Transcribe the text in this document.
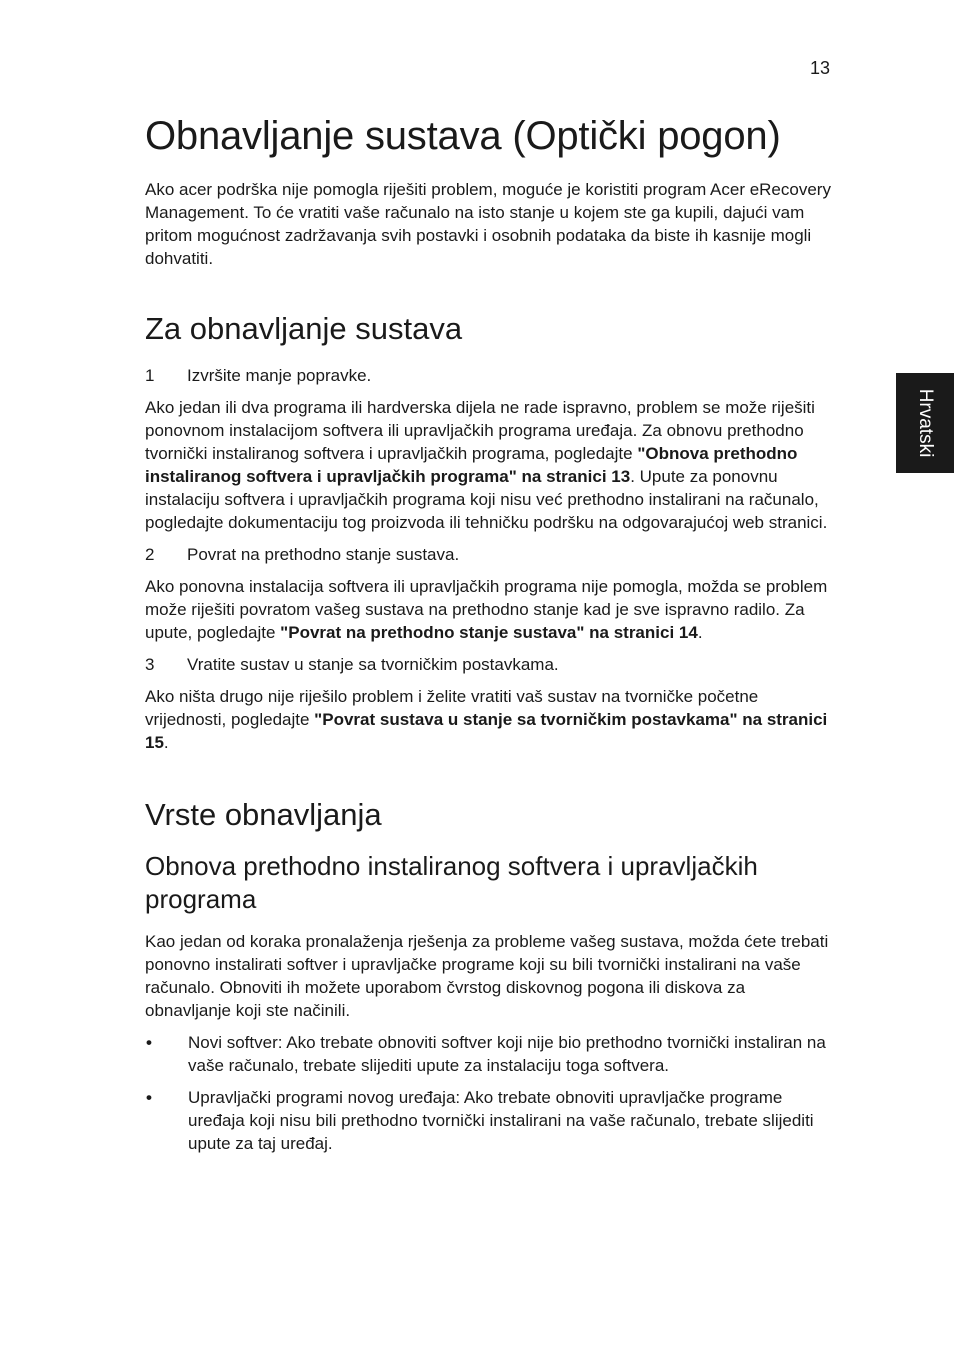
13
Hrvatski
Obnavljanje sustava (Optički pogon)

Ako acer podrška nije pomogla riješiti problem, moguće je koristiti program Acer eRecovery Management. To će vratiti vaše računalo na isto stanje u kojem ste ga kupili, dajući vam pritom mogućnost zadržavanja svih postavki i osobnih podataka da biste ih kasnije mogli dohvatiti.

Za obnavljanje sustava
1	Izvršite manje popravke.

Ako jedan ili dva programa ili hardverska dijela ne rade ispravno, problem se može riješiti ponovnom instalacijom softvera ili upravljačkih programa uređaja. Za obnovu prethodno tvornički instaliranog softvera i upravljačkih programa, pogledajte "Obnova prethodno instaliranog softvera i upravljačkih programa" na stranici 13. Upute za ponovnu instalaciju softvera i upravljačkih programa koji nisu već prethodno instalirani na računalo, pogledajte dokumentaciju tog proizvoda ili tehničku podršku na odgovarajućoj web stranici.

2	Povrat na prethodno stanje sustava.

Ako ponovna instalacija softvera ili upravljačkih programa nije pomogla, možda se problem može riješiti povratom vašeg sustava na prethodno stanje kad je sve ispravno radilo. Za upute, pogledajte "Povrat na prethodno stanje sustava" na stranici 14.

3	Vratite sustav u stanje sa tvorničkim postavkama.

Ako ništa drugo nije riješilo problem i želite vratiti vaš sustav na tvorničke početne vrijednosti, pogledajte "Povrat sustava u stanje sa tvorničkim postavkama" na stranici 15.

Vrste obnavljanja
Obnova prethodno instaliranog softvera i upravljačkih programa

Kao jedan od koraka pronalaženja rješenja za probleme vašeg sustava, možda ćete trebati ponovno instalirati softver i upravljačke programe koji su bili tvornički instalirani na vaše računalo. Obnoviti ih možete uporabom čvrstog diskovnog pogona ili diskova za obnavljanje koji ste načinili.

•	Novi softver: Ako trebate obnoviti softver koji nije bio prethodno tvornički instaliran na vaše računalo, trebate slijediti upute za instalaciju toga softvera.
•	Upravljački programi novog uređaja: Ako trebate obnoviti upravljačke programe uređaja koji nisu bili prethodno tvornički instalirani na vaše računalo, trebate slijediti upute za taj uređaj.
